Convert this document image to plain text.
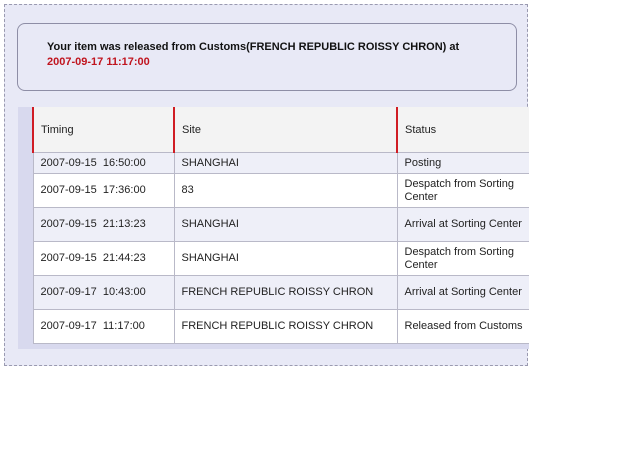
Your item was released from Customs(FRENCH REPUBLIC ROISSY CHRON) at
2007-09-17 11:17:00
Timing	Site	Status
2007-09-15  16:50:00	SHANGHAI	Posting
2007-09-15  17:36:00	83	Despatch from Sorting Center
2007-09-15  21:13:23	SHANGHAI	Arrival at Sorting Center
2007-09-15  21:44:23	SHANGHAI	Despatch from Sorting Center
2007-09-17  10:43:00	FRENCH REPUBLIC ROISSY CHRON	Arrival at Sorting Center
2007-09-17  11:17:00	FRENCH REPUBLIC ROISSY CHRON	Released from Customs
